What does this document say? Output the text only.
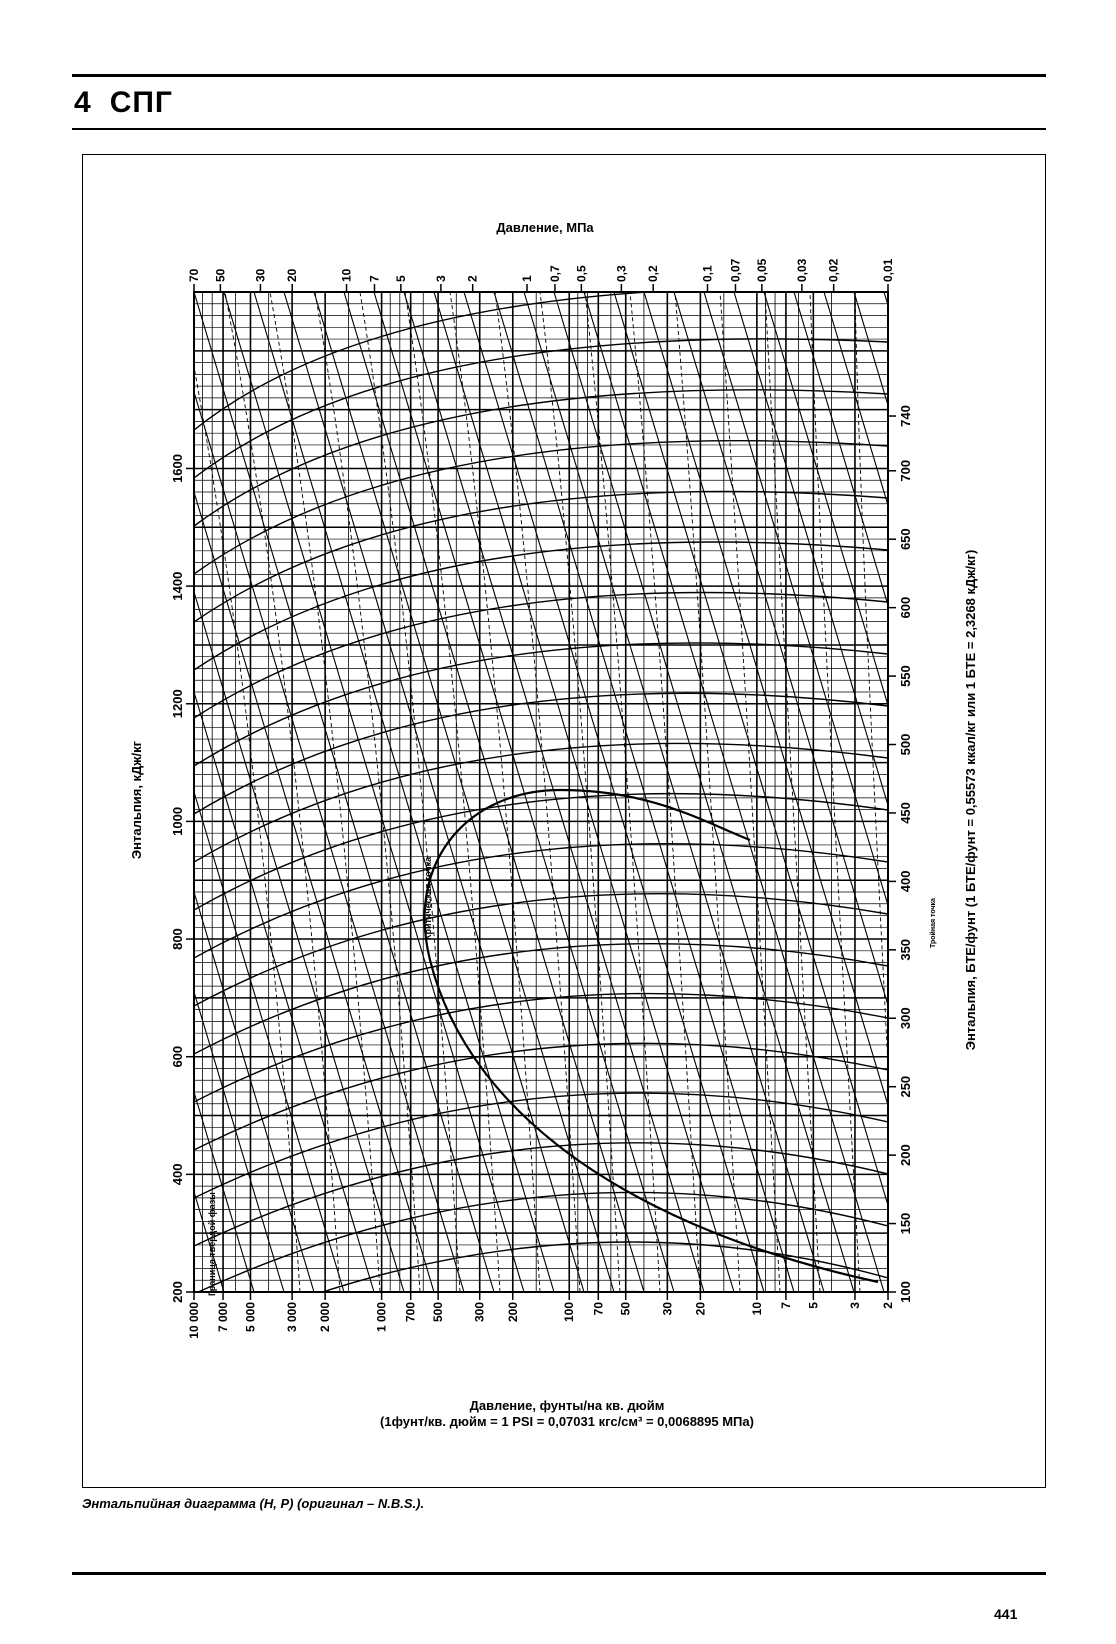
4 СПГ
10 000 7 000 5 000 3 000 2 000	1 000 700 500 300 200	100 70 50 30 20	10 7 5 3 2
70 50 30 20	10 7 5 3 2	1 0,7 0,5 0,3 0,2	0,1 0,07 0,05 0,03 0,02	0,01
200
400
600
800
1000
1200
1400
1600
100
150
200
250
300
350
400
450
500
550
600
650
700
740
Давление, МПа
Давление, фунты/на кв. дюйм
(1фунт/кв. дюйм = 1 PSI = 0,07031 кгс/см³ = 0,0068895 МПа)
Энтальпия, кДж/кг	Энтальпия, БТЕ/фунт (1 БТЕ/фунт = 0,55573 ккал/кг или 1 БТЕ = 2,3268 кДж/кг)
Граница твердой фазы
Критическая точка	Тройная точка
Энтальпийная диаграмма (Н, Р) (оригинал – N.B.S.).
441
